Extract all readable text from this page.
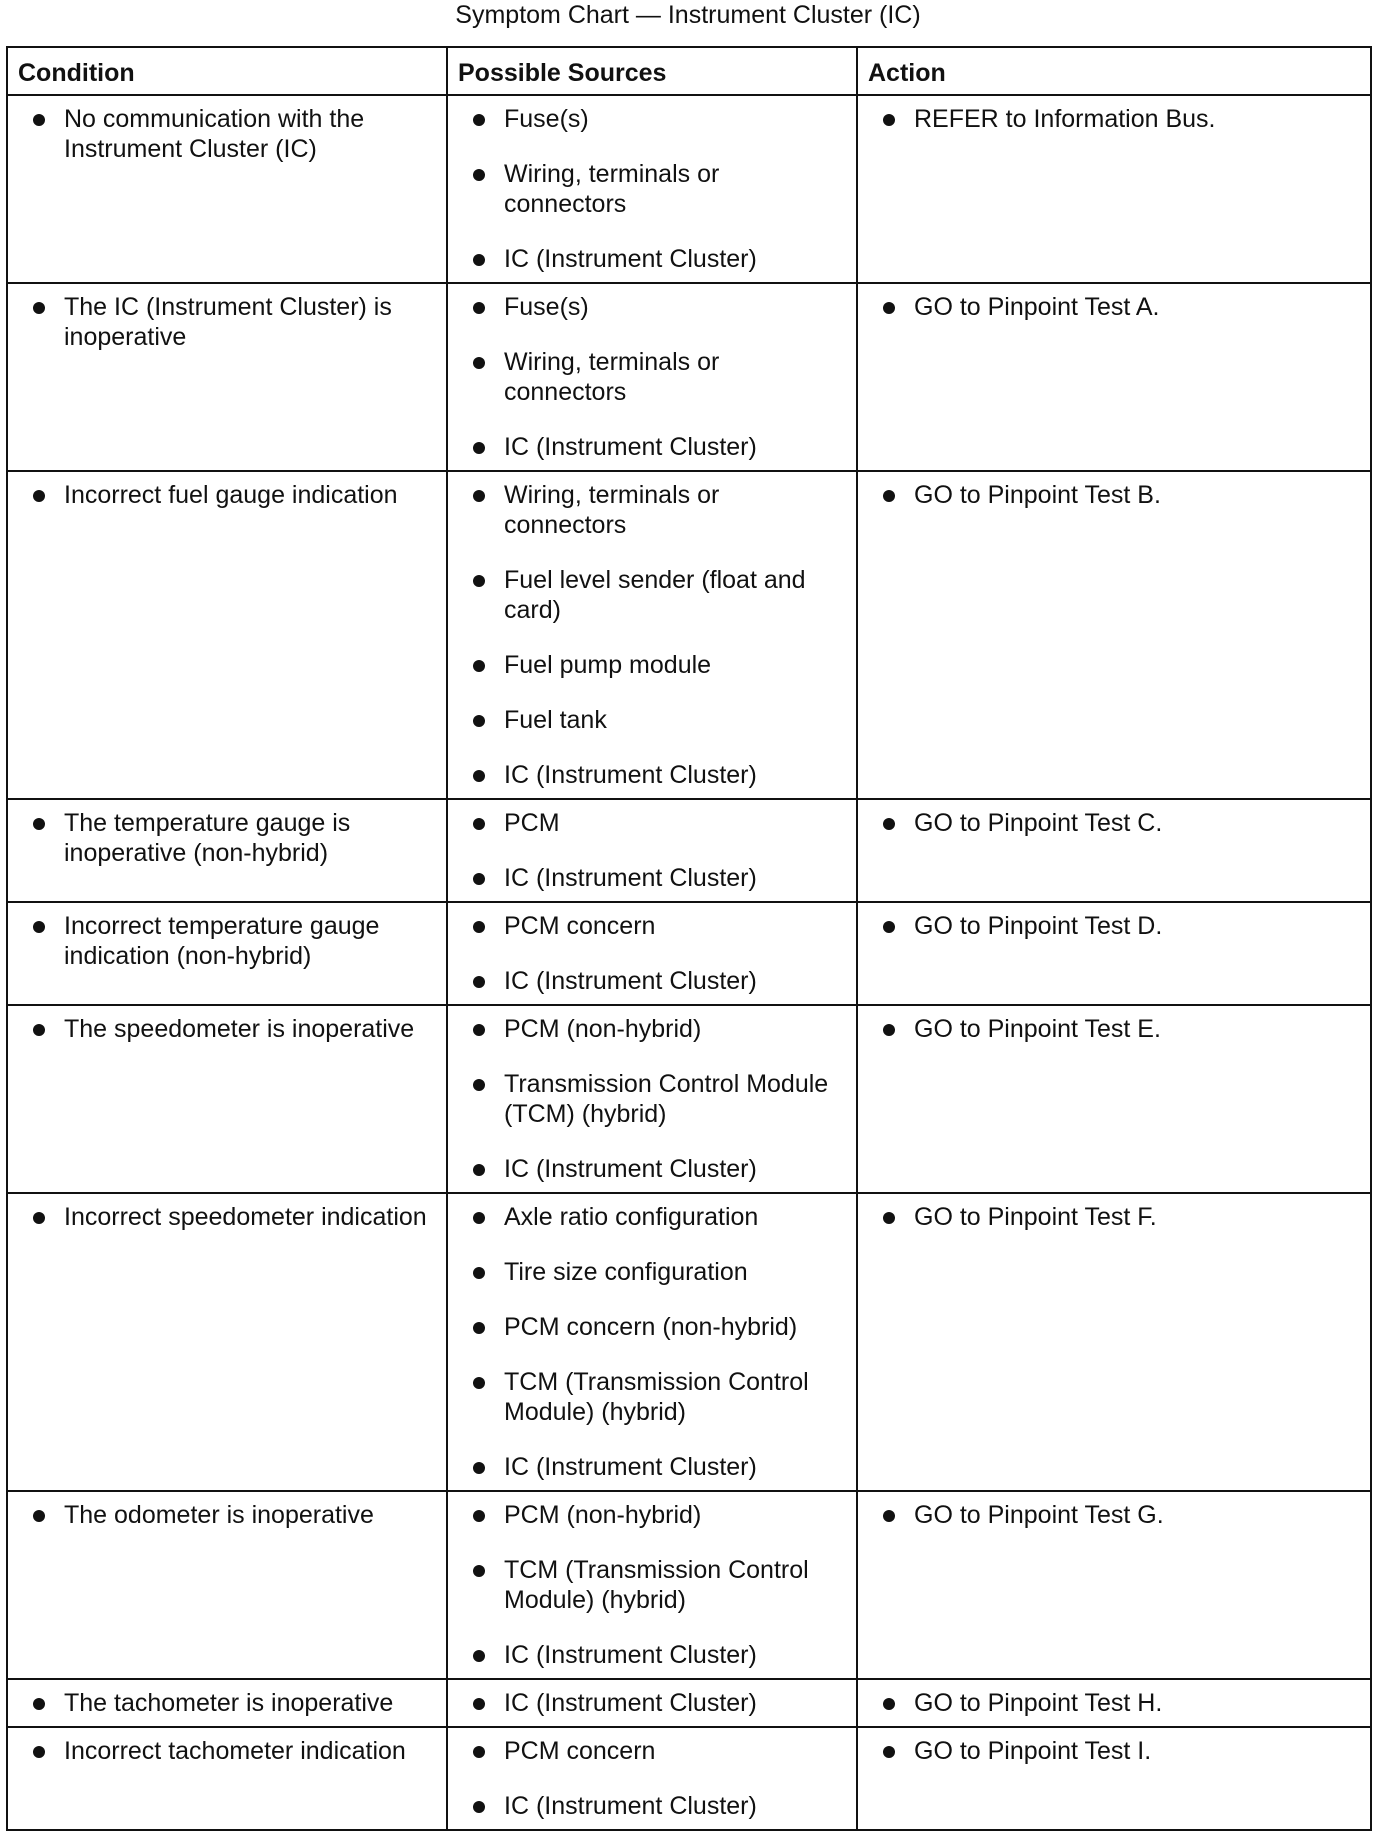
Symptom Chart — Instrument Cluster (IC)
Condition	Possible Sources	Action

No communication with the Instrument Cluster (IC)	Fuse(s)
Wiring, terminals or connectors
IC (Instrument Cluster)	REFER to Information Bus.

The IC (Instrument Cluster) is inoperative	Fuse(s)
Wiring, terminals or connectors
IC (Instrument Cluster)	GO to Pinpoint Test A.

Incorrect fuel gauge indication	Wiring, terminals or connectors
Fuel level sender (float and card)
Fuel pump module
Fuel tank
IC (Instrument Cluster)	GO to Pinpoint Test B.

The temperature gauge is inoperative (non-hybrid)	PCM
IC (Instrument Cluster)	GO to Pinpoint Test C.

Incorrect temperature gauge indication (non-hybrid)	PCM concern
IC (Instrument Cluster)	GO to Pinpoint Test D.

The speedometer is inoperative	PCM (non-hybrid)
Transmission Control Module (TCM) (hybrid)
IC (Instrument Cluster)	GO to Pinpoint Test E.

Incorrect speedometer indication	Axle ratio configuration
Tire size configuration
PCM concern (non-hybrid)
TCM (Transmission Control Module) (hybrid)
IC (Instrument Cluster)	GO to Pinpoint Test F.

The odometer is inoperative	PCM (non-hybrid)
TCM (Transmission Control Module) (hybrid)
IC (Instrument Cluster)	GO to Pinpoint Test G.

The tachometer is inoperative	IC (Instrument Cluster)	GO to Pinpoint Test H.

Incorrect tachometer indication	PCM concern
IC (Instrument Cluster)	GO to Pinpoint Test I.
